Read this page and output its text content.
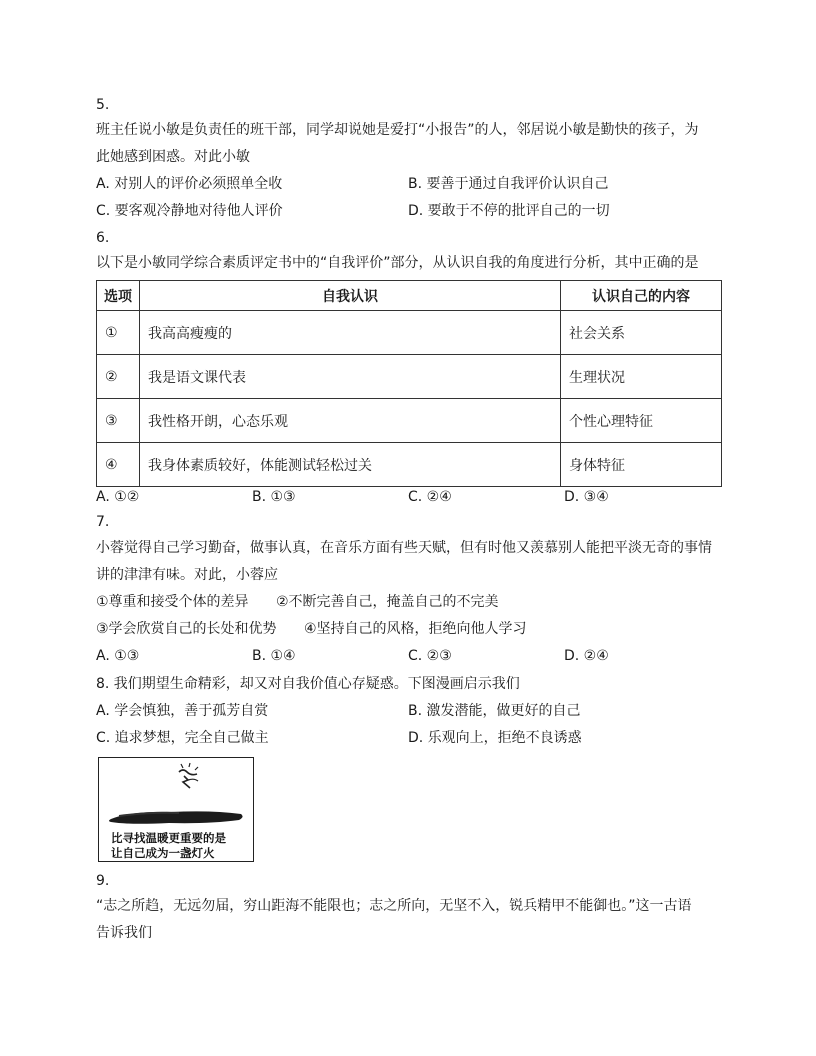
5.
班主任说小敏是负责任的班干部，同学却说她是爱打“小报告”的人，邻居说小敏是勤快的孩子，为
此她感到困惑。对此小敏
A. 对别人的评价必须照单全收	B. 要善于通过自我评价认识自己
C. 要客观冷静地对待他人评价	D. 要敢于不停的批评自己的一切
6.
以下是小敏同学综合素质评定书中的“自我评价”部分，从认识自我的角度进行分析，其中正确的是
选项	自我认识	认识自己的内容
①	我高高瘦瘦的	社会关系
②	我是语文课代表	生理状况
③	我性格开朗，心态乐观	个性心理特征
④	我身体素质较好，体能测试轻松过关	身体特征
A. ①②	B. ①③	C. ②④	D. ③④
7.
小蓉觉得自己学习勤奋，做事认真，在音乐方面有些天赋，但有时他又羡慕别人能把平淡无奇的事情
讲的津津有味。对此，小蓉应
①尊重和接受个体的差异 ②不断完善自己，掩盖自己的不完美
③学会欣赏自己的长处和优势 ④坚持自己的风格，拒绝向他人学习
A. ①③	B. ①④	C. ②③	D. ②④
8. 我们期望生命精彩，却又对自我价值心存疑惑。下图漫画启示我们
A. 学会慎独，善于孤芳自赏	B. 激发潜能，做更好的自己
C. 追求梦想，完全自己做主	D. 乐观向上，拒绝不良诱惑
比寻找温暖更重要的是
让自己成为一盏灯火
9.
“志之所趋，无远勿届，穷山距海不能限也；志之所向，无坚不入，锐兵精甲不能御也。”这一古语
告诉我们
